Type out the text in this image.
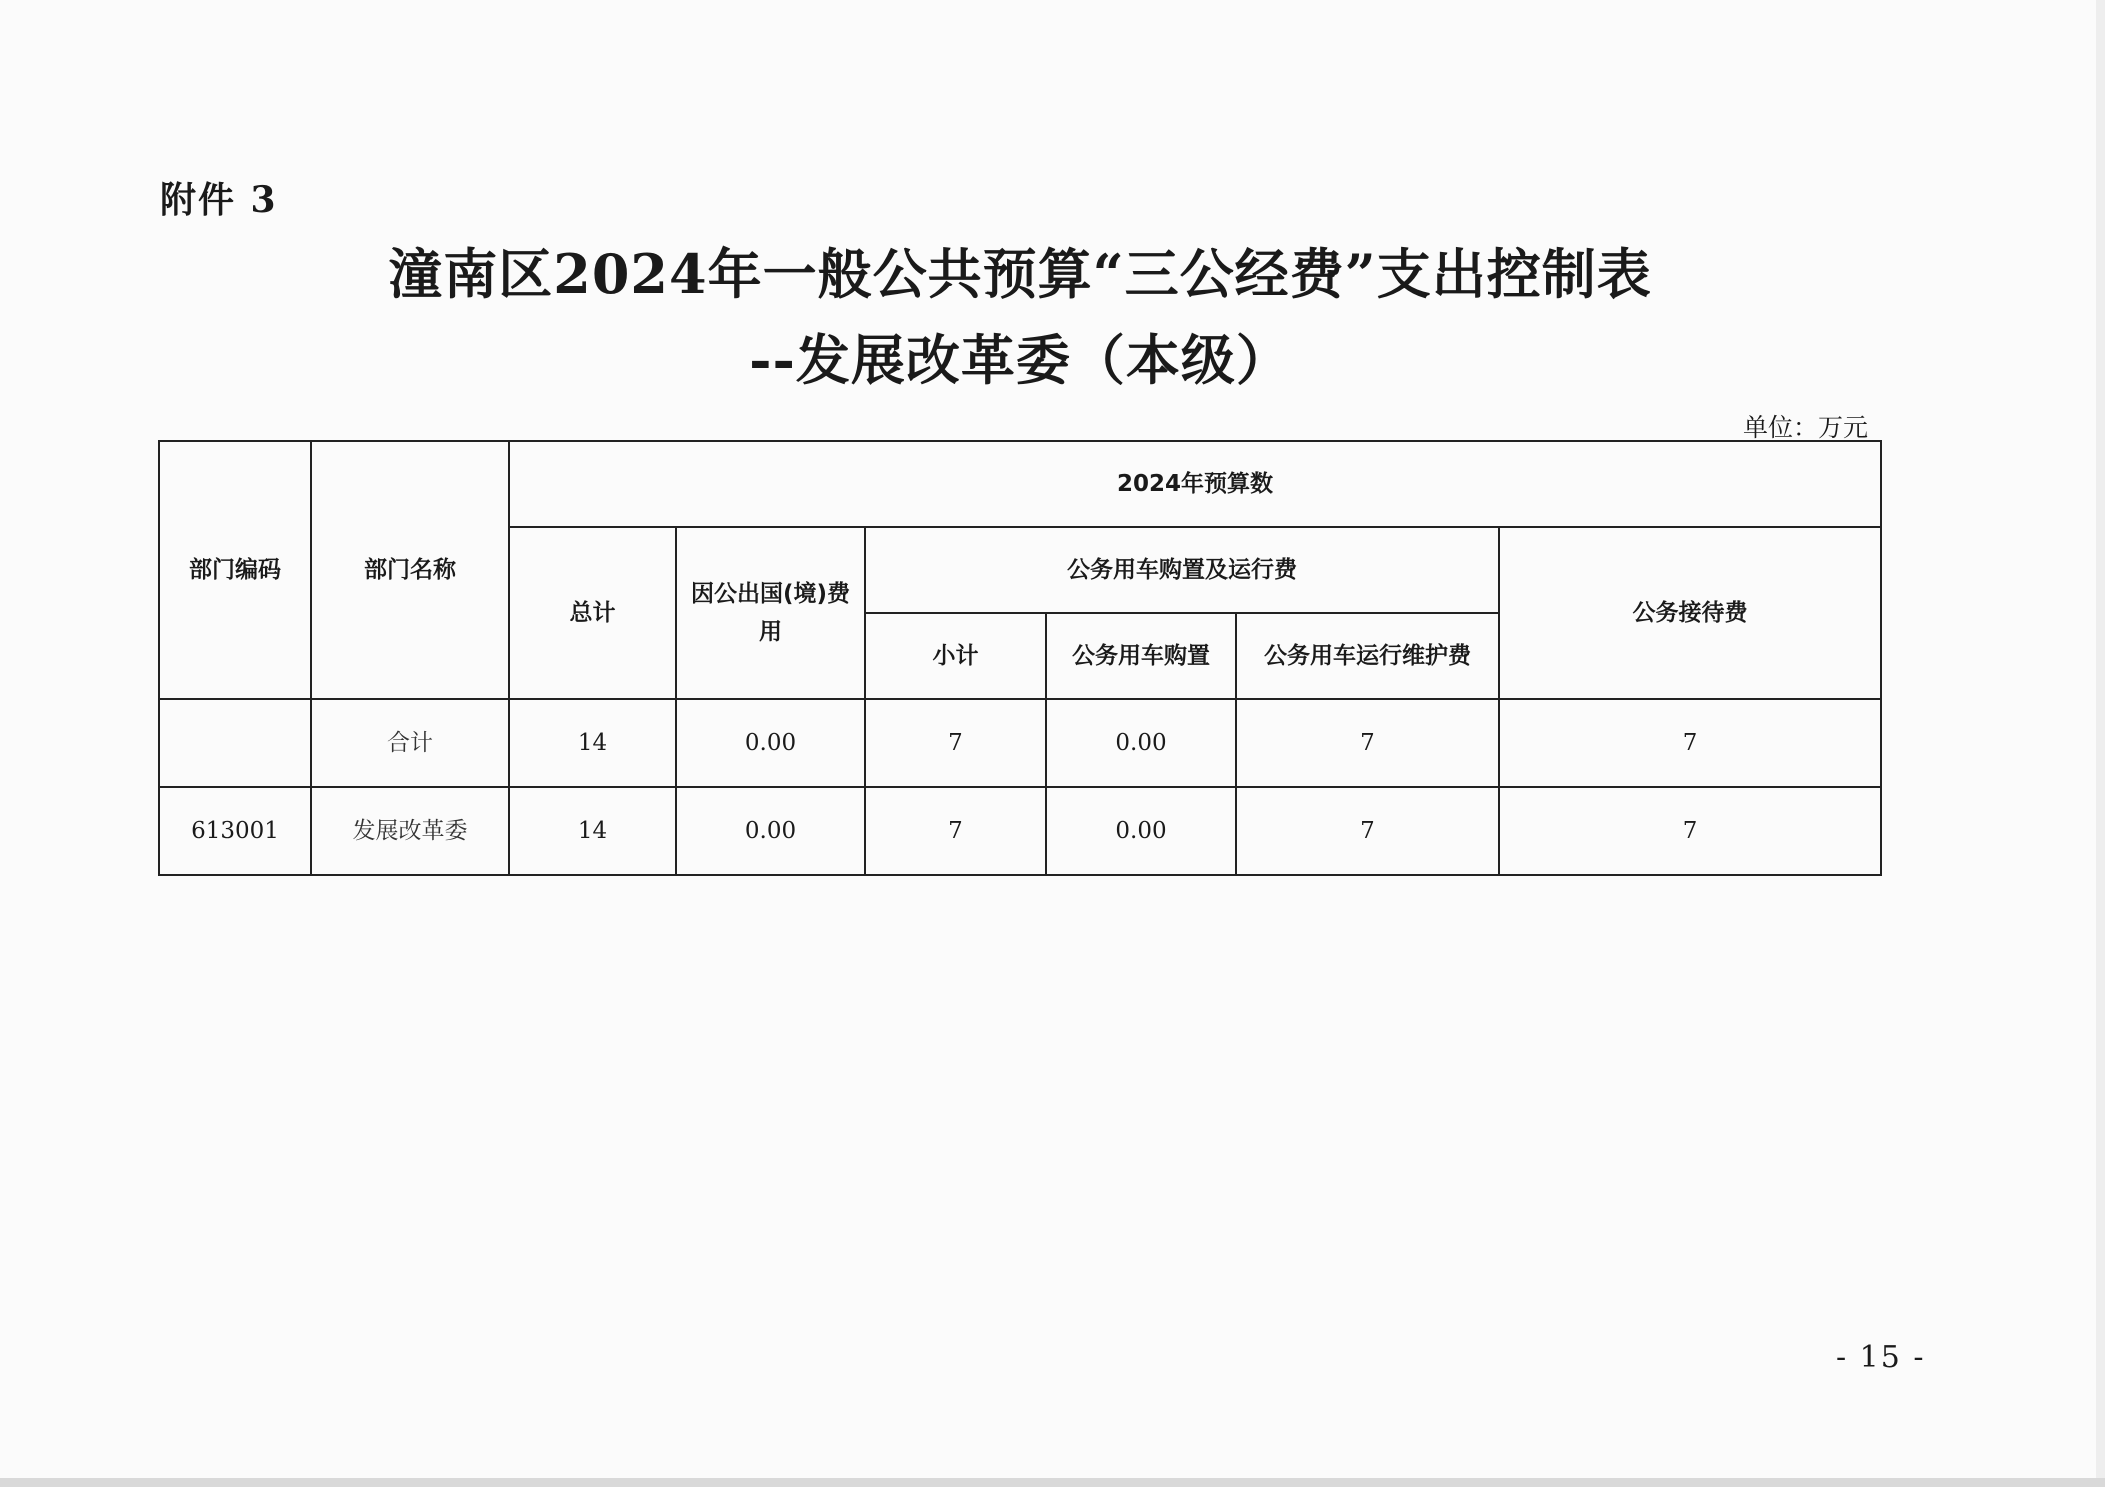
附件 3
潼南区2024年一般公共预算“三公经费”支出控制表
--发展改革委（本级）
单位：万元
部门编码	部门名称	2024年预算数					
		总计	因公出国(境)费用	公务用车购置及运行费			公务接待费
				小计	公务用车购置	公务用车运行维护费	
	合计	14	0.00	7	0.00	7	7
613001	发展改革委	14	0.00	7	0.00	7	7
- 15 -
